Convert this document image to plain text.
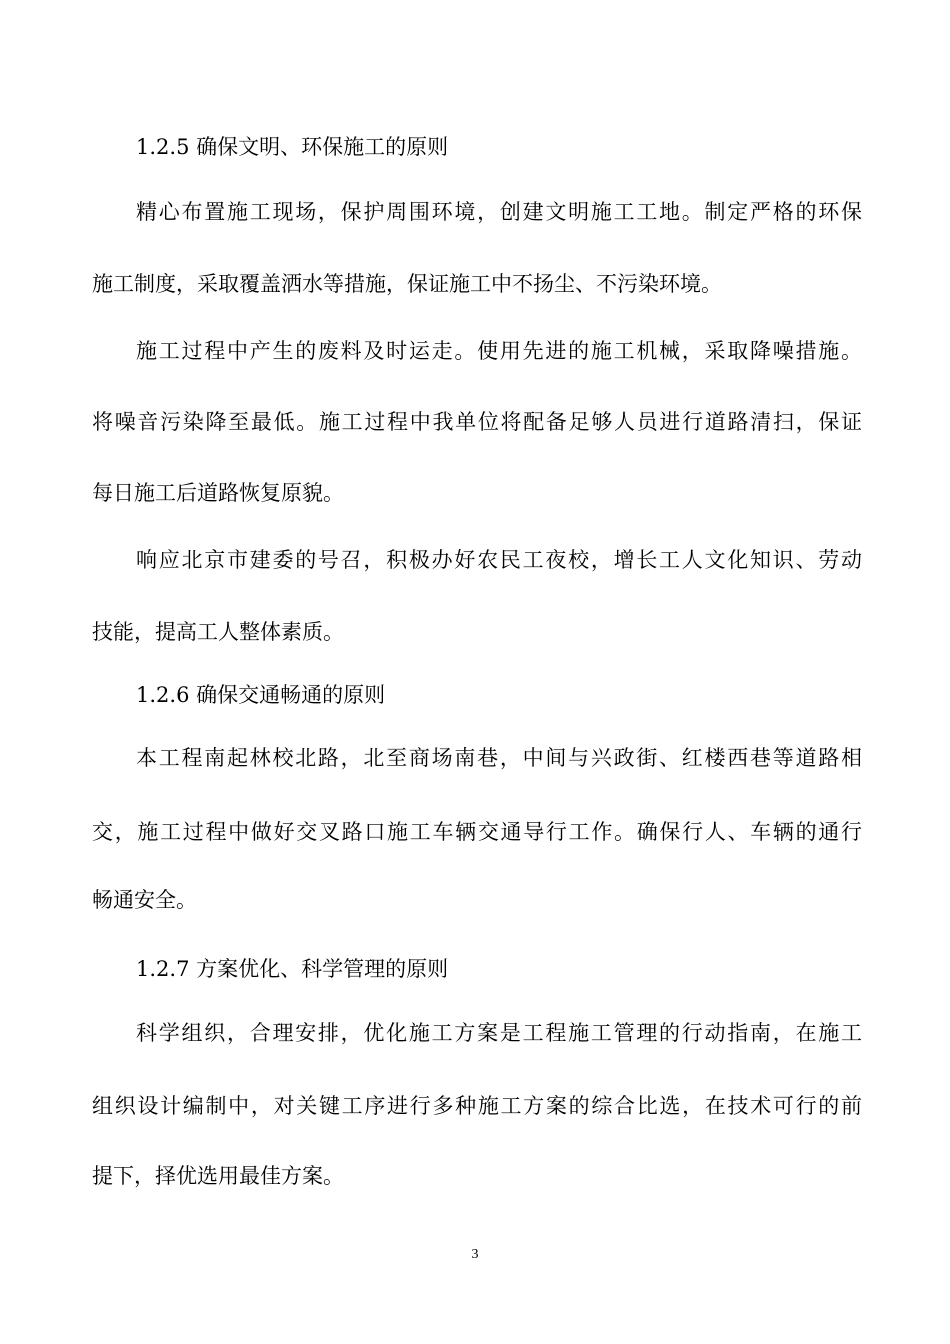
1.2.5 确保文明、环保施工的原则
精心布置施工现场，保护周围环境，创建文明施工工地。制定严格的环保
施工制度，采取覆盖洒水等措施，保证施工中不扬尘、不污染环境。
施工过程中产生的废料及时运走。使用先进的施工机械，采取降噪措施。
将噪音污染降至最低。施工过程中我单位将配备足够人员进行道路清扫，保证
每日施工后道路恢复原貌。
响应北京市建委的号召，积极办好农民工夜校，增长工人文化知识、劳动
技能，提高工人整体素质。
1.2.6 确保交通畅通的原则
本工程南起林校北路，北至商场南巷，中间与兴政街、红楼西巷等道路相
交，施工过程中做好交叉路口施工车辆交通导行工作。确保行人、车辆的通行
畅通安全。
1.2.7 方案优化、科学管理的原则
科学组织，合理安排，优化施工方案是工程施工管理的行动指南，在施工
组织设计编制中，对关键工序进行多种施工方案的综合比选，在技术可行的前
提下，择优选用最佳方案。
3
